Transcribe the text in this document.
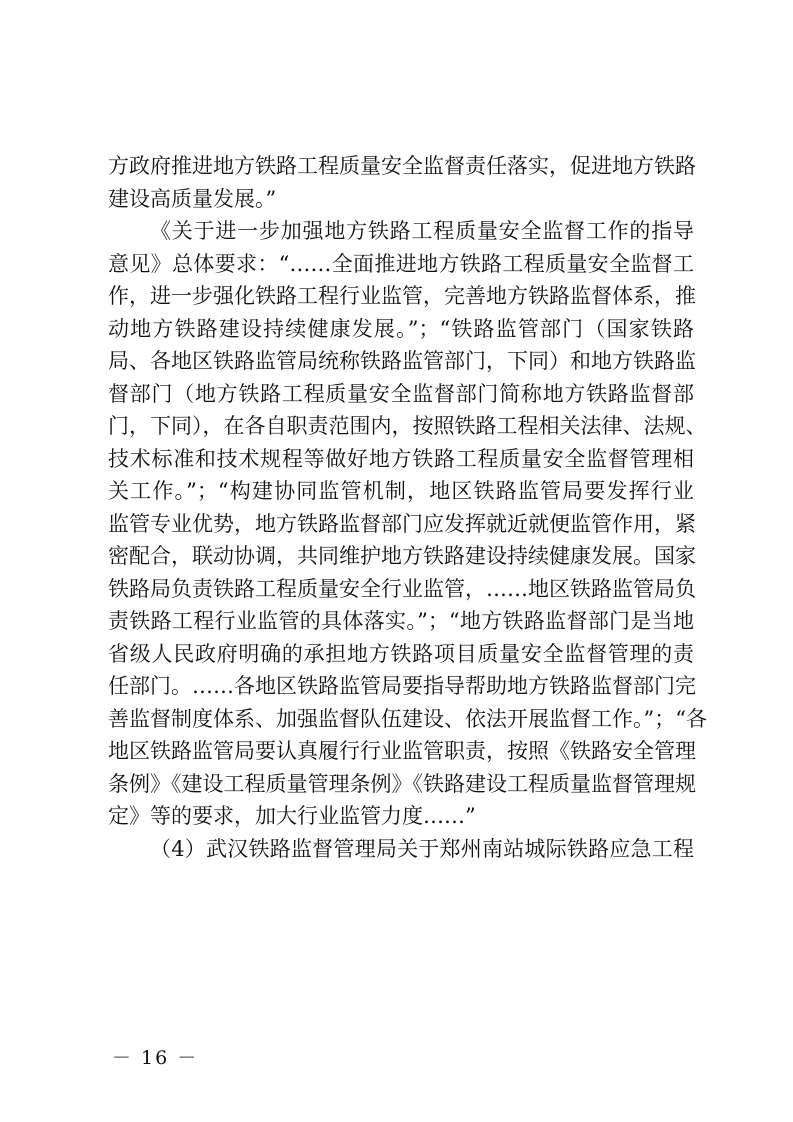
方政府推进地方铁路工程质量安全监督责任落实，促进地方铁路
建设高质量发展。”
《关于进一步加强地方铁路工程质量安全监督工作的指导
意见》总体要求：“……全面推进地方铁路工程质量安全监督工
作，进一步强化铁路工程行业监管，完善地方铁路监督体系，推
动地方铁路建设持续健康发展。”；“铁路监管部门（国家铁路
局、各地区铁路监管局统称铁路监管部门，下同）和地方铁路监
督部门（地方铁路工程质量安全监督部门简称地方铁路监督部
门，下同），在各自职责范围内，按照铁路工程相关法律、法规、
技术标准和技术规程等做好地方铁路工程质量安全监督管理相
关工作。”；“构建协同监管机制，地区铁路监管局要发挥行业
监管专业优势，地方铁路监督部门应发挥就近就便监管作用，紧
密配合，联动协调，共同维护地方铁路建设持续健康发展。国家
铁路局负责铁路工程质量安全行业监管，……地区铁路监管局负
责铁路工程行业监管的具体落实。”；“地方铁路监督部门是当地
省级人民政府明确的承担地方铁路项目质量安全监督管理的责
任部门。……各地区铁路监管局要指导帮助地方铁路监督部门完
善监督制度体系、加强监督队伍建设、依法开展监督工作。”；“各
地区铁路监管局要认真履行行业监管职责，按照《铁路安全管理
条例》《建设工程质量管理条例》《铁路建设工程质量监督管理规
定》等的要求，加大行业监管力度……”
（4）武汉铁路监督管理局关于郑州南站城际铁路应急工程
－ 16 －
